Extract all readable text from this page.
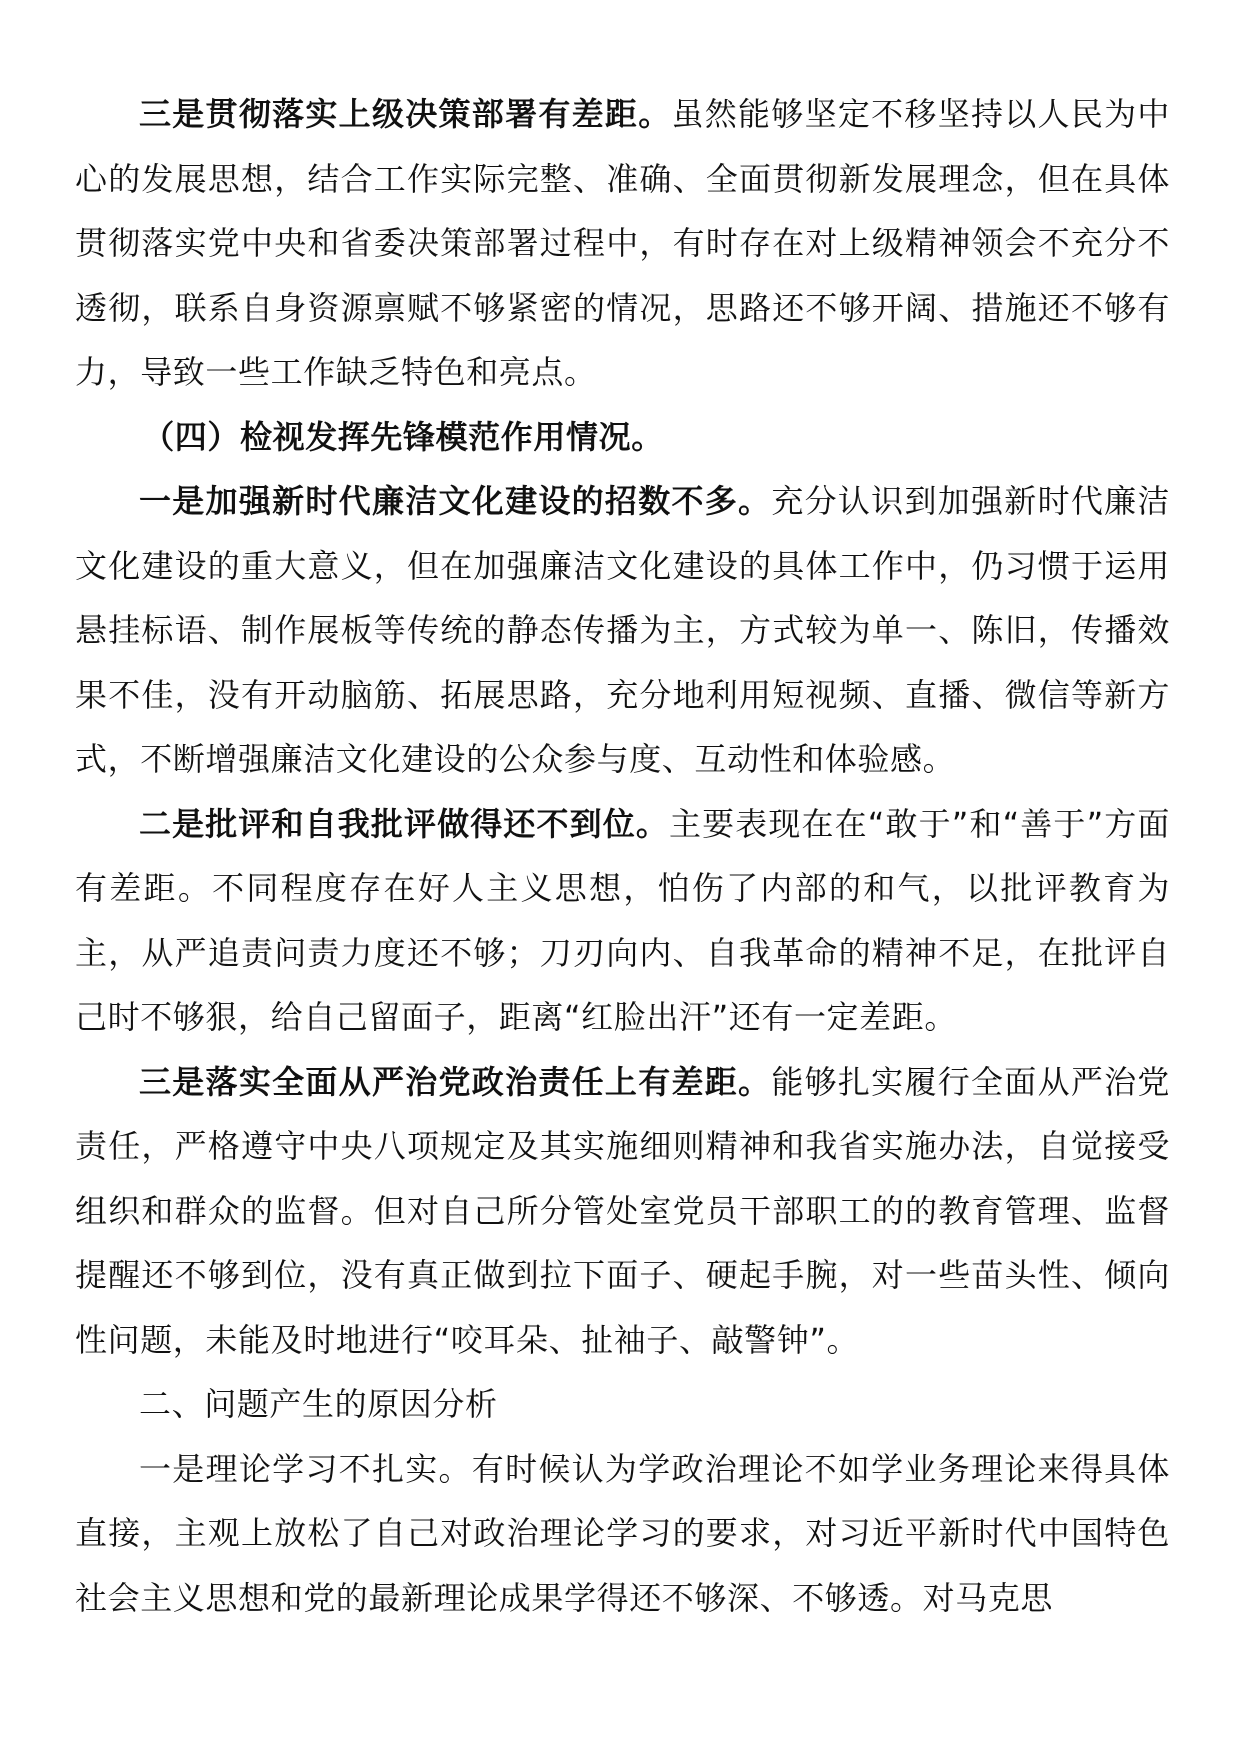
三是贯彻落实上级决策部署有差距。虽然能够坚定不移坚持以人民为中心的发展思想，结合工作实际完整、准确、全面贯彻新发展理念，但在具体贯彻落实党中央和省委决策部署过程中，有时存在对上级精神领会不充分不透彻，联系自身资源禀赋不够紧密的情况，思路还不够开阔、措施还不够有力，导致一些工作缺乏特色和亮点。

（四）检视发挥先锋模范作用情况。

一是加强新时代廉洁文化建设的招数不多。充分认识到加强新时代廉洁文化建设的重大意义，但在加强廉洁文化建设的具体工作中，仍习惯于运用悬挂标语、制作展板等传统的静态传播为主，方式较为单一、陈旧，传播效果不佳，没有开动脑筋、拓展思路，充分地利用短视频、直播、微信等新方式，不断增强廉洁文化建设的公众参与度、互动性和体验感。

二是批评和自我批评做得还不到位。主要表现在在“敢于”和“善于”方面有差距。不同程度存在好人主义思想，怕伤了内部的和气，以批评教育为主，从严追责问责力度还不够；刀刃向内、自我革命的精神不足，在批评自己时不够狠，给自己留面子，距离“红脸出汗”还有一定差距。

三是落实全面从严治党政治责任上有差距。能够扎实履行全面从严治党责任，严格遵守中央八项规定及其实施细则精神和我省实施办法，自觉接受组织和群众的监督。但对自己所分管处室党员干部职工的的教育管理、监督提醒还不够到位，没有真正做到拉下面子、硬起手腕，对一些苗头性、倾向性问题，未能及时地进行“咬耳朵、扯袖子、敲警钟”。

二、问题产生的原因分析

一是理论学习不扎实。有时候认为学政治理论不如学业务理论来得具体直接，主观上放松了自己对政治理论学习的要求，对习近平新时代中国特色社会主义思想和党的最新理论成果学得还不够深、不够透。对马克思
